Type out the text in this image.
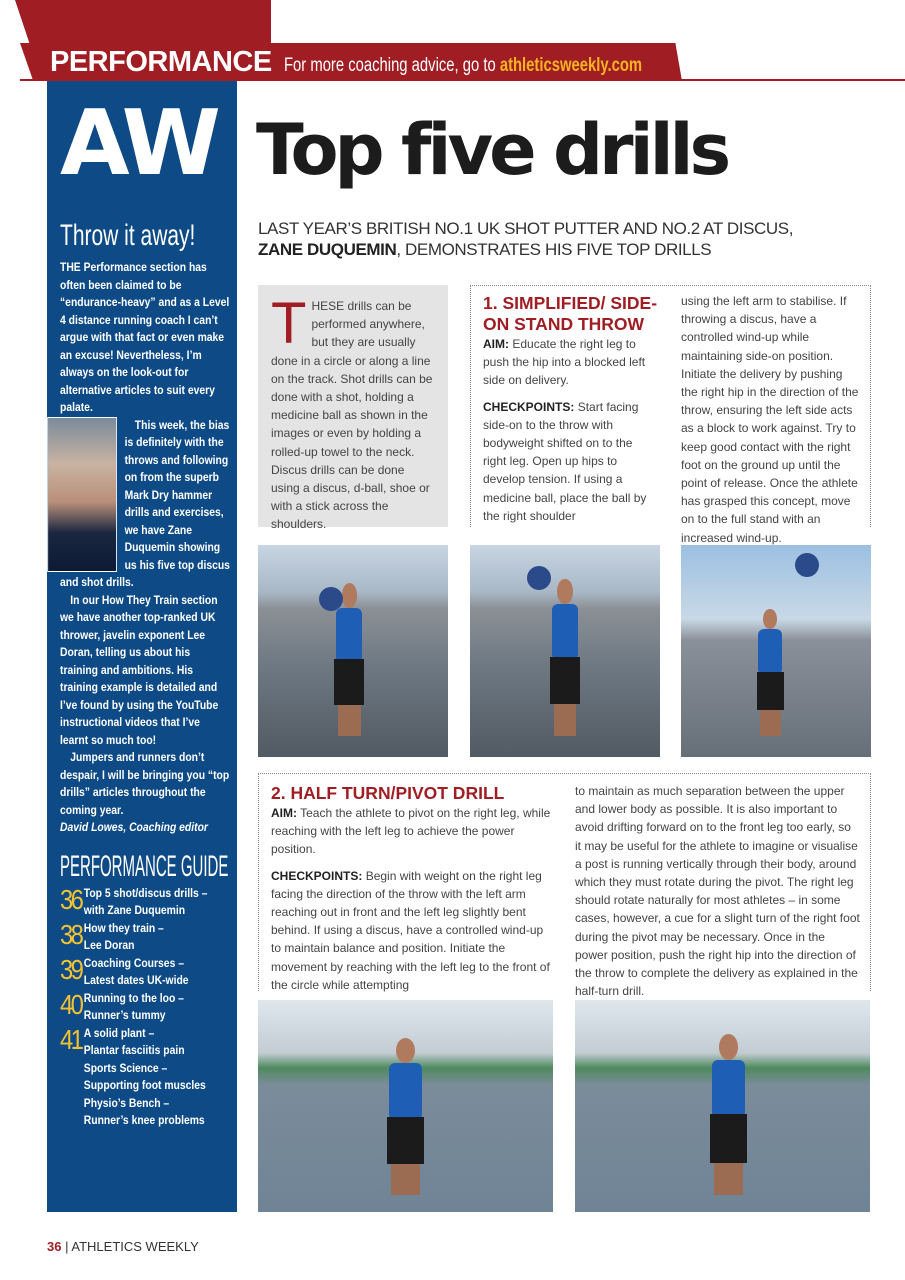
PERFORMANCE For more coaching advice, go to athleticsweekly.com
AW
Throw it away!

THE Performance section has often been claimed to be “endurance-heavy” and as a Level 4 distance running coach I can’t argue with that fact or even make an excuse! Nevertheless, I’m always on the look-out for alternative articles to suit every palate.

This week, the bias is definitely with the throws and following on from the superb Mark Dry hammer drills and exercises, we have Zane Duquemin showing us his five top discus and shot drills.

In our How They Train section we have another top-ranked UK thrower, javelin exponent Lee Doran, telling us about his training and ambitions. His training example is detailed and I’ve found by using the YouTube instructional videos that I’ve learnt so much too!

Jumpers and runners don’t despair, I will be bringing you “top drills” articles throughout the coming year.

David Lowes, Coaching editor

PERFORMANCE GUIDE
36 Top 5 shot/discus drills –
with Zane Duquemin
38 How they train –
Lee Doran
39 Coaching Courses –
Latest dates UK-wide
40 Running to the loo –
Runner’s tummy
41 A solid plant –
Plantar fasciitis pain
Sports Science –
Supporting foot muscles
Physio’s Bench –
Runner’s knee problems
Top five drills
LAST YEAR’S BRITISH NO.1 UK SHOT PUTTER AND NO.2 AT DISCUS,
ZANE DUQUEMIN, DEMONSTRATES HIS FIVE TOP DRILLS
THESE drills can be performed anywhere, but they are usually done in a circle or along a line on the track. Shot drills can be done with a shot, holding a medicine ball as shown in the images or even by holding a rolled-up towel to the neck. Discus drills can be done using a discus, d-ball, shoe or with a stick across the shoulders.
1. SIMPLIFIED/ SIDE-ON STAND THROW
AIM: Educate the right leg to push the hip into a blocked left side on delivery.
CHECKPOINTS: Start facing side-on to the throw with bodyweight shifted on to the right leg. Open up hips to develop tension. If using a medicine ball, place the ball by the right shoulder
using the left arm to stabilise. If throwing a discus, have a controlled wind-up while maintaining side-on position. Initiate the delivery by pushing the right hip in the direction of the throw, ensuring the left side acts as a block to work against. Try to keep good contact with the right foot on the ground up until the point of release. Once the athlete has grasped this concept, move on to the full stand with an increased wind-up.
2. HALF TURN/PIVOT DRILL
AIM: Teach the athlete to pivot on the right leg, while reaching with the left leg to achieve the power position.
CHECKPOINTS: Begin with weight on the right leg facing the direction of the throw with the left arm reaching out in front and the left leg slightly bent behind. If using a discus, have a controlled wind-up to maintain balance and position. Initiate the movement by reaching with the left leg to the front of the circle while attempting
to maintain as much separation between the upper and lower body as possible. It is also important to avoid drifting forward on to the front leg too early, so it may be useful for the athlete to imagine or visualise a post is running vertically through their body, around which they must rotate during the pivot. The right leg should rotate naturally for most athletes – in some cases, however, a cue for a slight turn of the right foot during the pivot may be necessary. Once in the power position, push the right hip into the direction of the throw to complete the delivery as explained in the half-turn drill.
36 | ATHLETICS WEEKLY
